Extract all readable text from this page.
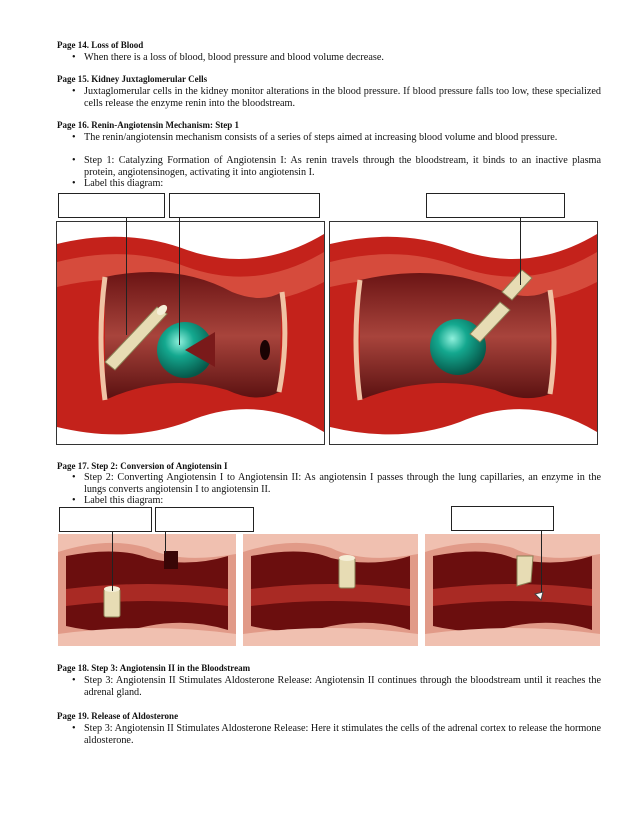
Page 14. Loss of Blood
• When there is a loss of blood, blood pressure and blood volume decrease.
Page 15. Kidney Juxtaglomerular Cells
• Juxtaglomerular cells in the kidney monitor alterations in the blood pressure. If blood pressure falls too low, these specialized cells release the enzyme renin into the bloodstream.
Page 16. Renin-Angiotensin Mechanism: Step 1
• The renin/angiotensin mechanism consists of a series of steps aimed at increasing blood volume and blood pressure.
• Step 1: Catalyzing Formation of Angiotensin I: As renin travels through the bloodstream, it binds to an inactive plasma protein, angiotensinogen, activating it into angiotensin I.
• Label this diagram:
Page 17. Step 2: Conversion of Angiotensin I
• Step 2: Converting Angiotensin I to Angiotensin II: As angiotensin I passes through the lung capillaries, an enzyme in the lungs converts angiotensin I to angiotensin II.
• Label this diagram:
Page 18. Step 3: Angiotensin II in the Bloodstream
• Step 3: Angiotensin II Stimulates Aldosterone Release: Angiotensin II continues through the bloodstream until it reaches the adrenal gland.
Page 19. Release of Aldosterone
• Step 3: Angiotensin II Stimulates Aldosterone Release: Here it stimulates the cells of the adrenal cortex to release the hormone aldosterone.
